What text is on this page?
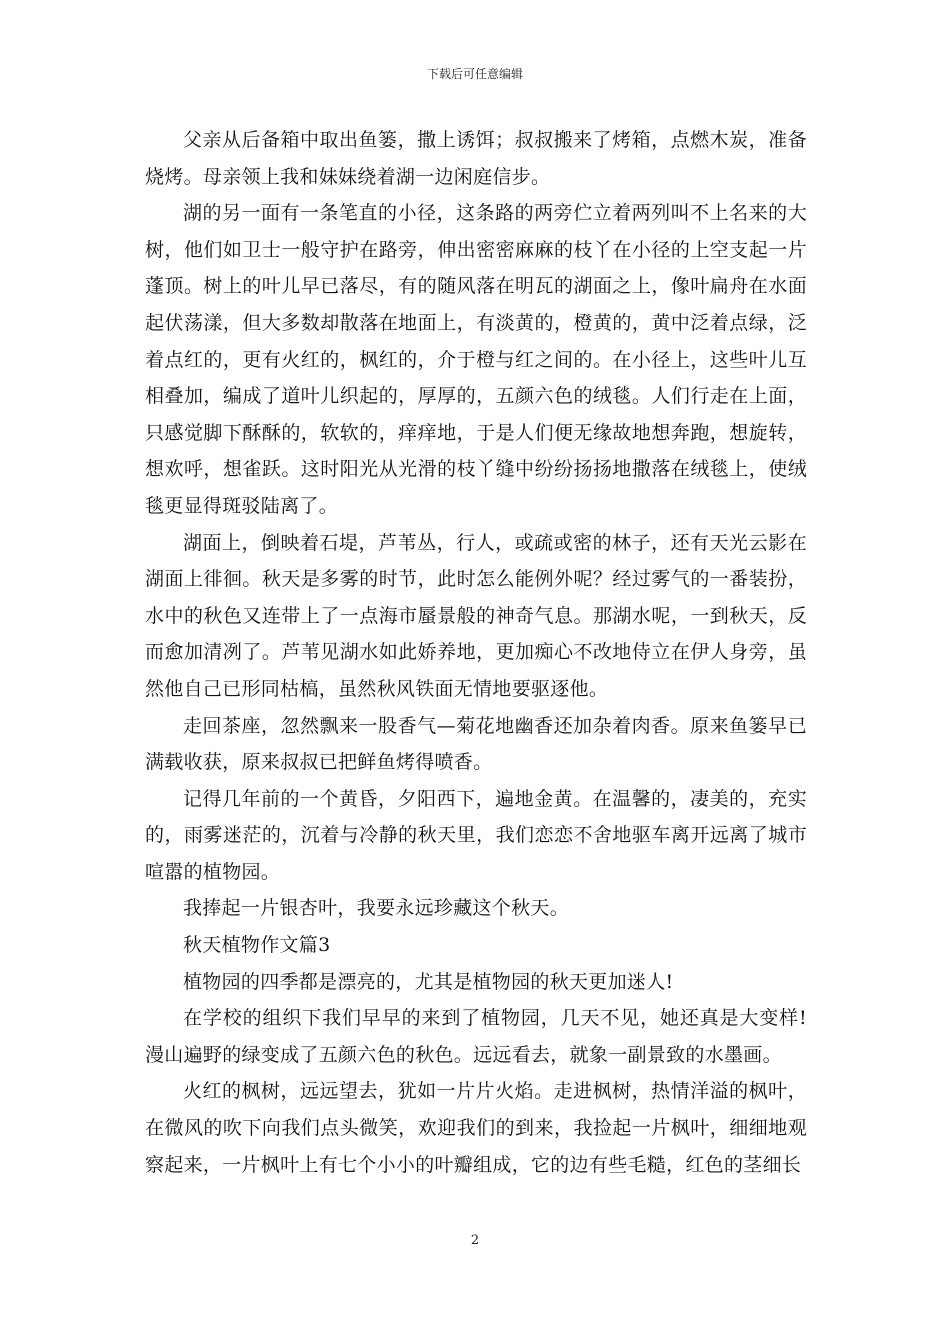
下载后可任意编辑

父亲从后备箱中取出鱼篓，撒上诱饵；叔叔搬来了烤箱，点燃木炭，准备烧烤。母亲领上我和妹妹绕着湖一边闲庭信步。

湖的另一面有一条笔直的小径，这条路的两旁伫立着两列叫不上名来的大树，他们如卫士一般守护在路旁，伸出密密麻麻的枝丫在小径的上空支起一片蓬顶。树上的叶儿早已落尽，有的随风落在明瓦的湖面之上，像叶扁舟在水面起伏荡漾，但大多数却散落在地面上，有淡黄的，橙黄的，黄中泛着点绿，泛着点红的，更有火红的，枫红的，介于橙与红之间的。在小径上，这些叶儿互相叠加，编成了道叶儿织起的，厚厚的，五颜六色的绒毯。人们行走在上面，只感觉脚下酥酥的，软软的，痒痒地，于是人们便无缘故地想奔跑，想旋转，想欢呼，想雀跃。这时阳光从光滑的枝丫缝中纷纷扬扬地撒落在绒毯上，使绒毯更显得斑驳陆离了。

湖面上，倒映着石堤，芦苇丛，行人，或疏或密的林子，还有天光云影在湖面上徘徊。秋天是多雾的时节，此时怎么能例外呢？经过雾气的一番装扮，水中的秋色又连带上了一点海市蜃景般的神奇气息。那湖水呢，一到秋天，反而愈加清冽了。芦苇见湖水如此娇养地，更加痴心不改地侍立在伊人身旁，虽然他自己已形同枯槁，虽然秋风铁面无情地要驱逐他。

走回茶座，忽然飘来一股香气—菊花地幽香还加杂着肉香。原来鱼篓早已满载收获，原来叔叔已把鲜鱼烤得喷香。

记得几年前的一个黄昏，夕阳西下，遍地金黄。在温馨的，凄美的，充实的，雨雾迷茫的，沉着与冷静的秋天里，我们恋恋不舍地驱车离开远离了城市喧嚣的植物园。

我捧起一片银杏叶，我要永远珍藏这个秋天。

秋天植物作文篇3

植物园的四季都是漂亮的，尤其是植物园的秋天更加迷人!

在学校的组织下我们早早的来到了植物园，几天不见，她还真是大变样!漫山遍野的绿变成了五颜六色的秋色。远远看去，就象一副景致的水墨画。

火红的枫树，远远望去，犹如一片片火焰。走进枫树，热情洋溢的枫叶，在微风的吹下向我们点头微笑，欢迎我们的到来，我捡起一片枫叶，细细地观察起来，一片枫叶上有七个小小的叶瓣组成，它的边有些毛糙，红色的茎细长

2
